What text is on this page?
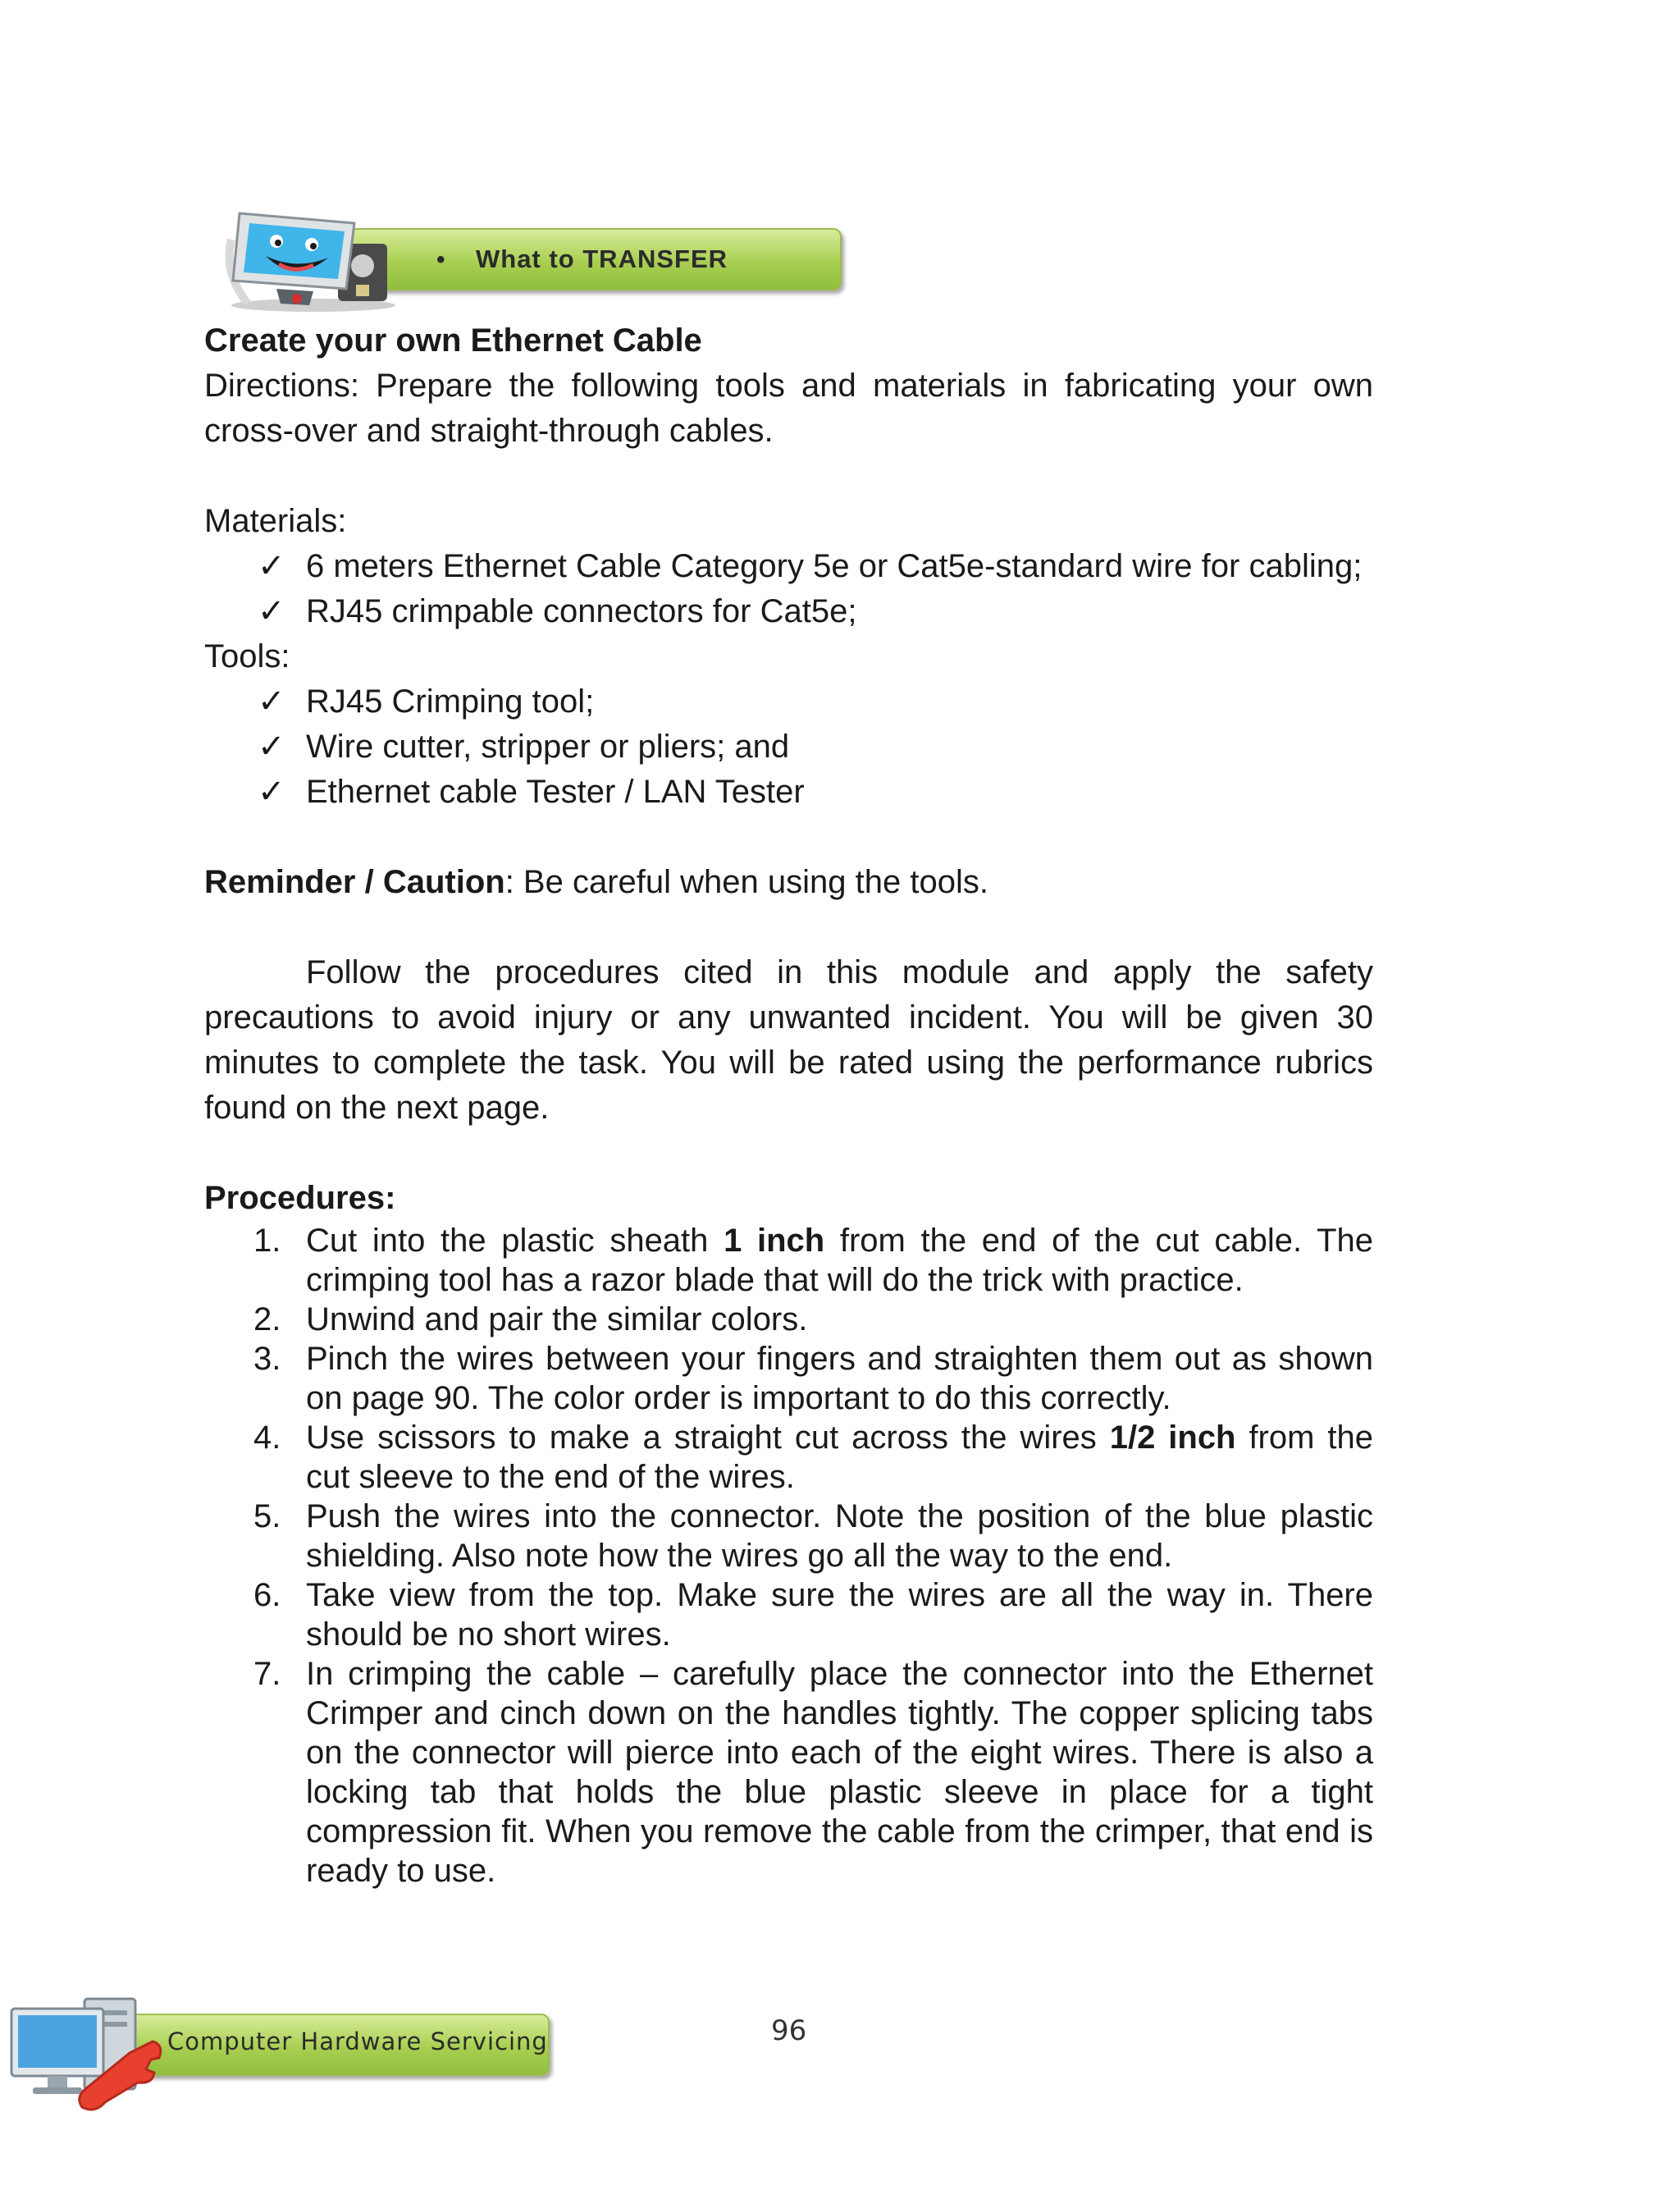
• What to TRANSFER

Create your own Ethernet Cable

Directions: Prepare the following tools and materials in fabricating your own cross-over and straight-through cables.

Materials:

✓ 6 meters Ethernet Cable Category 5e or Cat5e-standard wire for cabling;
✓ RJ45 crimpable connectors for Cat5e;

Tools:

✓ RJ45 Crimping tool;
✓ Wire cutter, stripper or pliers; and
✓ Ethernet cable Tester / LAN Tester

Reminder / Caution: Be careful when using the tools.

Follow the procedures cited in this module and apply the safety precautions to avoid injury or any unwanted incident. You will be given 30 minutes to complete the task. You will be rated using the performance rubrics found on the next page.

Procedures:

1. Cut into the plastic sheath 1 inch from the end of the cut cable. The crimping tool has a razor blade that will do the trick with practice.
2. Unwind and pair the similar colors.
3. Pinch the wires between your fingers and straighten them out as shown on page 90. The color order is important to do this correctly.
4. Use scissors to make a straight cut across the wires 1/2 inch from the cut sleeve to the end of the wires.
5. Push the wires into the connector. Note the position of the blue plastic shielding. Also note how the wires go all the way to the end.
6. Take view from the top. Make sure the wires are all the way in. There should be no short wires.
7. In crimping the cable – carefully place the connector into the Ethernet Crimper and cinch down on the handles tightly. The copper splicing tabs on the connector will pierce into each of the eight wires. There is also a locking tab that holds the blue plastic sleeve in place for a tight compression fit. When you remove the cable from the crimper, that end is ready to use.
96
Computer Hardware Servicing
